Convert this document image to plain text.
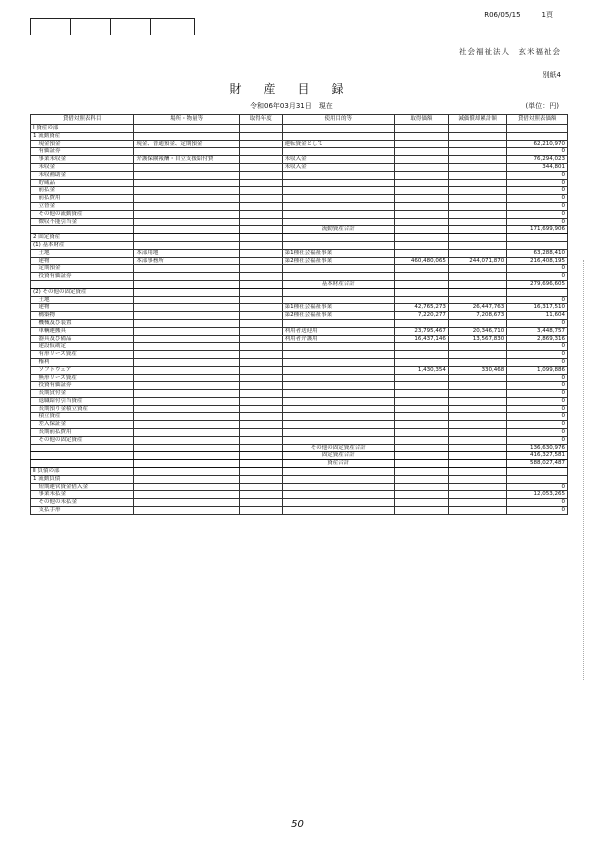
R06/05/15　　　1頁
社会福祉法人　玄米福祉会
別紙4
財産目録
令和06年03月31日　現在	(単位：円)
貸借対照表科目	場所・物量等	取得年度	使用目的等	取得価額	減価償却累計額	貸借対照表価額
Ⅰ 資産の部						
1 流動資産						
　現金預金	現金、普通預金、定期預金		運転資金として			62,210,970
　有価証券						0
　事業未収金	介護保険報酬・自立支援給付費		未収入金			76,294,023
　未収金			未収入金			344,801
　未収補助金						0
　貯蔵品						0
　前払金						0
　前払費用						0
　立替金						0
　その他の流動資産						0
　徴収不能引当金						0
			流動資産合計			171,699,906
2 固定資産						
(1) 基本財産						
　土地	本部用地		第1種社会福祉事業			63,288,410
　建物	本部事務所		第2種社会福祉事業	460,480,065	244,071,870	216,408,195
　定期預金						0
　投資有価証券						0
			基本財産合計			279,696,605
(2) その他の固定資産						
　土地						0
　建物			第1種社会福祉事業	42,765,273	26,447,763	16,317,510
　構築物			第2種社会福祉事業	7,220,277	7,208,673	11,604
　機械及び装置						0
　車輌運搬具			利用者送迎用	23,795,467	20,346,710	3,448,757
　器具及び備品			利用者介護用	16,437,146	13,567,830	2,869,316
　建設仮勘定						0
　有形リース資産						0
　権利						0
　ソフトウェア				1,430,354	330,468	1,099,886
　無形リース資産						0
　投資有価証券						0
　長期貸付金						0
　退職給付引当資産						0
　長期預り金積立資産						0
　積立資産						0
　差入保証金						0
　長期前払費用						0
　その他の固定資産						0
			その他の固定資産合計			136,630,976
			固定資産合計			416,327,581
			資産合計			588,027,487
Ⅱ 負債の部						
1 流動負債						
　短期運営資金借入金						0
　事業未払金						12,053,265
　その他の未払金						0
　支払手形						0
50
